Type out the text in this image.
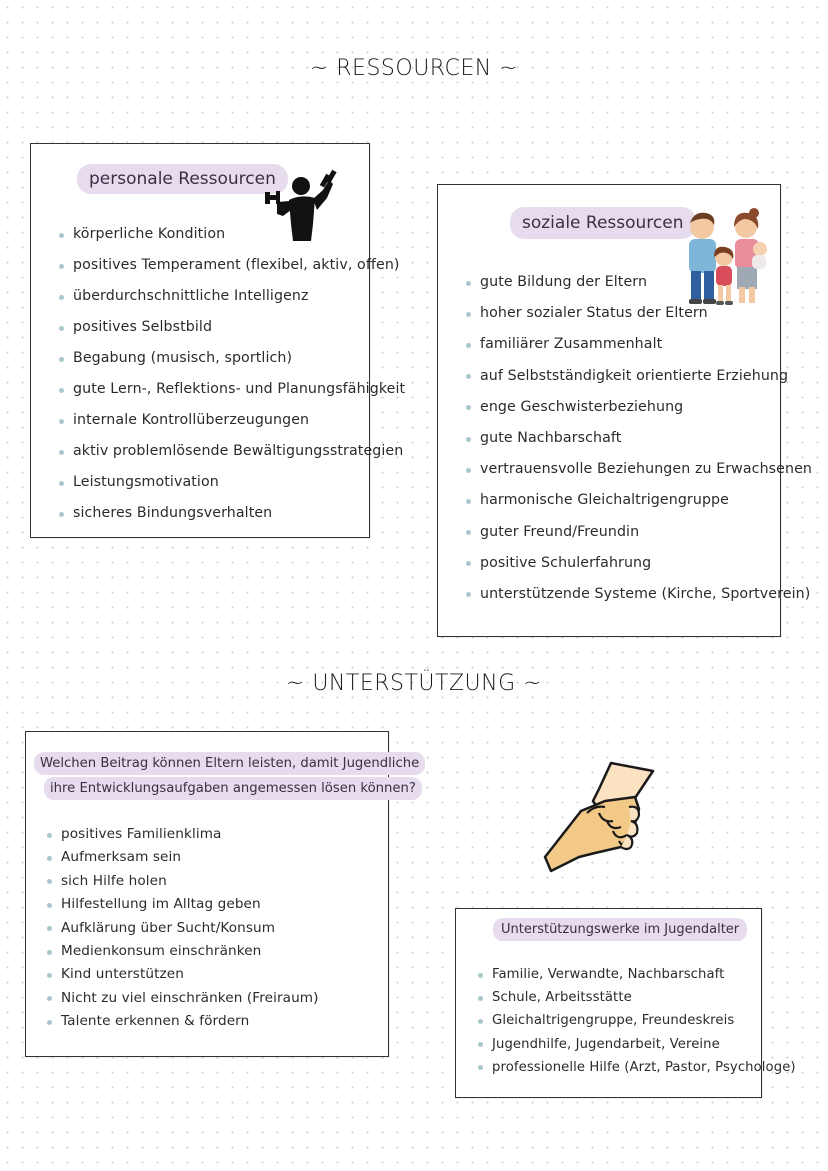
~ RESSOURCEN ~
personale Ressourcen
körperliche Kondition
positives Temperament (flexibel, aktiv, offen)
überdurchschnittliche Intelligenz
positives Selbstbild
Begabung (musisch, sportlich)
gute Lern-, Reflektions- und Planungsfähigkeit
internale Kontrollüberzeugungen
aktiv problemlösende Bewältigungsstrategien
Leistungsmotivation
sicheres Bindungsverhalten
soziale Ressourcen
gute Bildung der Eltern
hoher sozialer Status der Eltern
familiärer Zusammenhalt
auf Selbstständigkeit orientierte Erziehung
enge Geschwisterbeziehung
gute Nachbarschaft
vertrauensvolle Beziehungen zu Erwachsenen
harmonische Gleichaltrigengruppe
guter Freund/Freundin
positive Schulerfahrung
unterstützende Systeme (Kirche, Sportverein)
~ UNTERSTÜTZUNG ~
Welchen Beitrag können Eltern leisten, damit Jugendliche
ihre Entwicklungsaufgaben angemessen lösen können?
positives Familienklima
Aufmerksam sein
sich Hilfe holen
Hilfestellung im Alltag geben
Aufklärung über Sucht/Konsum
Medienkonsum einschränken
Kind unterstützen
Nicht zu viel einschränken (Freiraum)
Talente erkennen & fördern
Unterstützungswerke im Jugendalter
Familie, Verwandte, Nachbarschaft
Schule, Arbeitsstätte
Gleichaltrigengruppe, Freundeskreis
Jugendhilfe, Jugendarbeit, Vereine
professionelle Hilfe (Arzt, Pastor, Psychologe)
